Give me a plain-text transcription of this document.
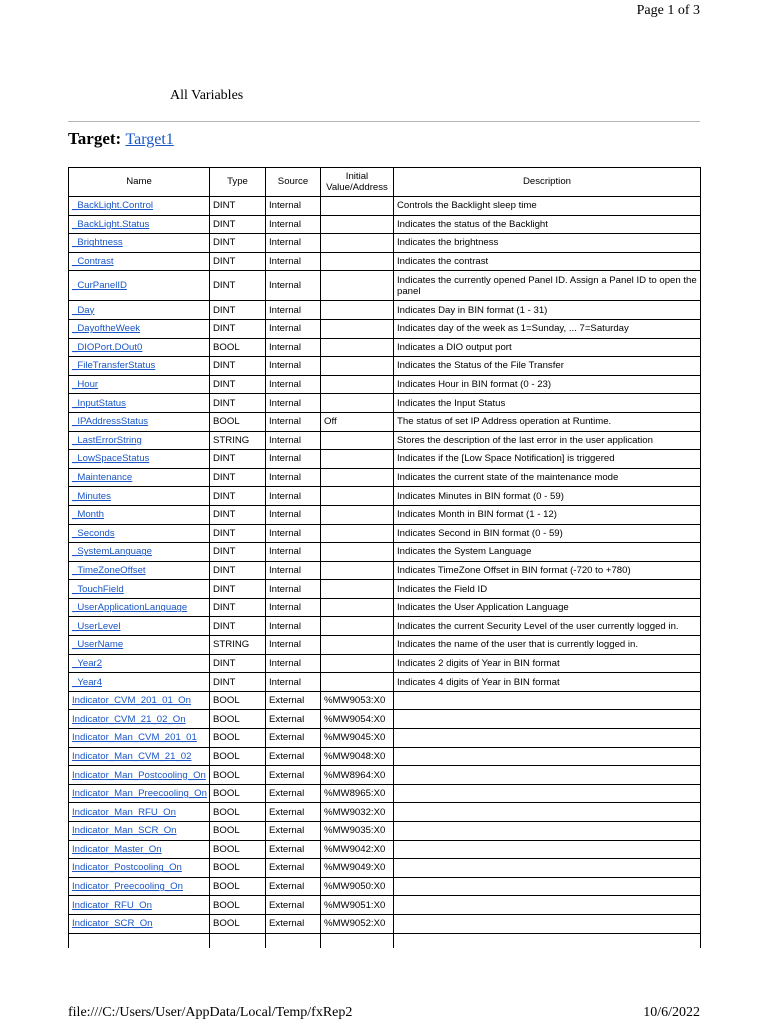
Page 1 of 3
All Variables
Target: Target1
Name	Type	Source	Initial Value/Address	Description
_BackLight.Control	DINT	Internal		Controls the Backlight sleep time
_BackLight.Status	DINT	Internal		Indicates the status of the Backlight
_Brightness	DINT	Internal		Indicates the brightness
_Contrast	DINT	Internal		Indicates the contrast
_CurPanelID	DINT	Internal		Indicates the currently opened Panel ID. Assign a Panel ID to open the panel
_Day	DINT	Internal		Indicates Day in BIN format (1 - 31)
_DayoftheWeek	DINT	Internal		Indicates day of the week as 1=Sunday, ... 7=Saturday
_DIOPort.DOut0	BOOL	Internal		Indicates a DIO output port
_FileTransferStatus	DINT	Internal		Indicates the Status of the File Transfer
_Hour	DINT	Internal		Indicates Hour in BIN format (0 - 23)
_InputStatus	DINT	Internal		Indicates the Input Status
_IPAddressStatus	BOOL	Internal	Off	The status of set IP Address operation at Runtime.
_LastErrorString	STRING	Internal		Stores the description of the last error in the user application
_LowSpaceStatus	DINT	Internal		Indicates if the [Low Space Notification] is triggered
_Maintenance	DINT	Internal		Indicates the current state of the maintenance mode
_Minutes	DINT	Internal		Indicates Minutes in BIN format (0 - 59)
_Month	DINT	Internal		Indicates Month in BIN format (1 - 12)
_Seconds	DINT	Internal		Indicates Second in BIN format (0 - 59)
_SystemLanguage	DINT	Internal		Indicates the System Language
_TimeZoneOffset	DINT	Internal		Indicates TimeZone Offset in BIN format (-720 to +780)
_TouchField	DINT	Internal		Indicates the Field ID
_UserApplicationLanguage	DINT	Internal		Indicates the User Application Language
_UserLevel	DINT	Internal		Indicates the current Security Level of the user currently logged in.
_UserName	STRING	Internal		Indicates the name of the user that is currently logged in.
_Year2	DINT	Internal		Indicates 2 digits of Year in BIN format
_Year4	DINT	Internal		Indicates 4 digits of Year in BIN format
Indicator_CVM_201_01_On	BOOL	External	%MW9053:X0	
Indicator_CVM_21_02_On	BOOL	External	%MW9054:X0	
Indicator_Man_CVM_201_01	BOOL	External	%MW9045:X0	
Indicator_Man_CVM_21_02	BOOL	External	%MW9048:X0	
Indicator_Man_Postcooling_On	BOOL	External	%MW8964:X0	
Indicator_Man_Preecooling_On	BOOL	External	%MW8965:X0	
Indicator_Man_RFU_On	BOOL	External	%MW9032:X0	
Indicator_Man_SCR_On	BOOL	External	%MW9035:X0	
Indicator_Master_On	BOOL	External	%MW9042:X0	
Indicator_Postcooling_On	BOOL	External	%MW9049:X0	
Indicator_Preecooling_On	BOOL	External	%MW9050:X0	
Indicator_RFU_On	BOOL	External	%MW9051:X0	
Indicator_SCR_On	BOOL	External	%MW9052:X0	

file:///C:/Users/User/AppData/Local/Temp/fxRep2	10/6/2022
